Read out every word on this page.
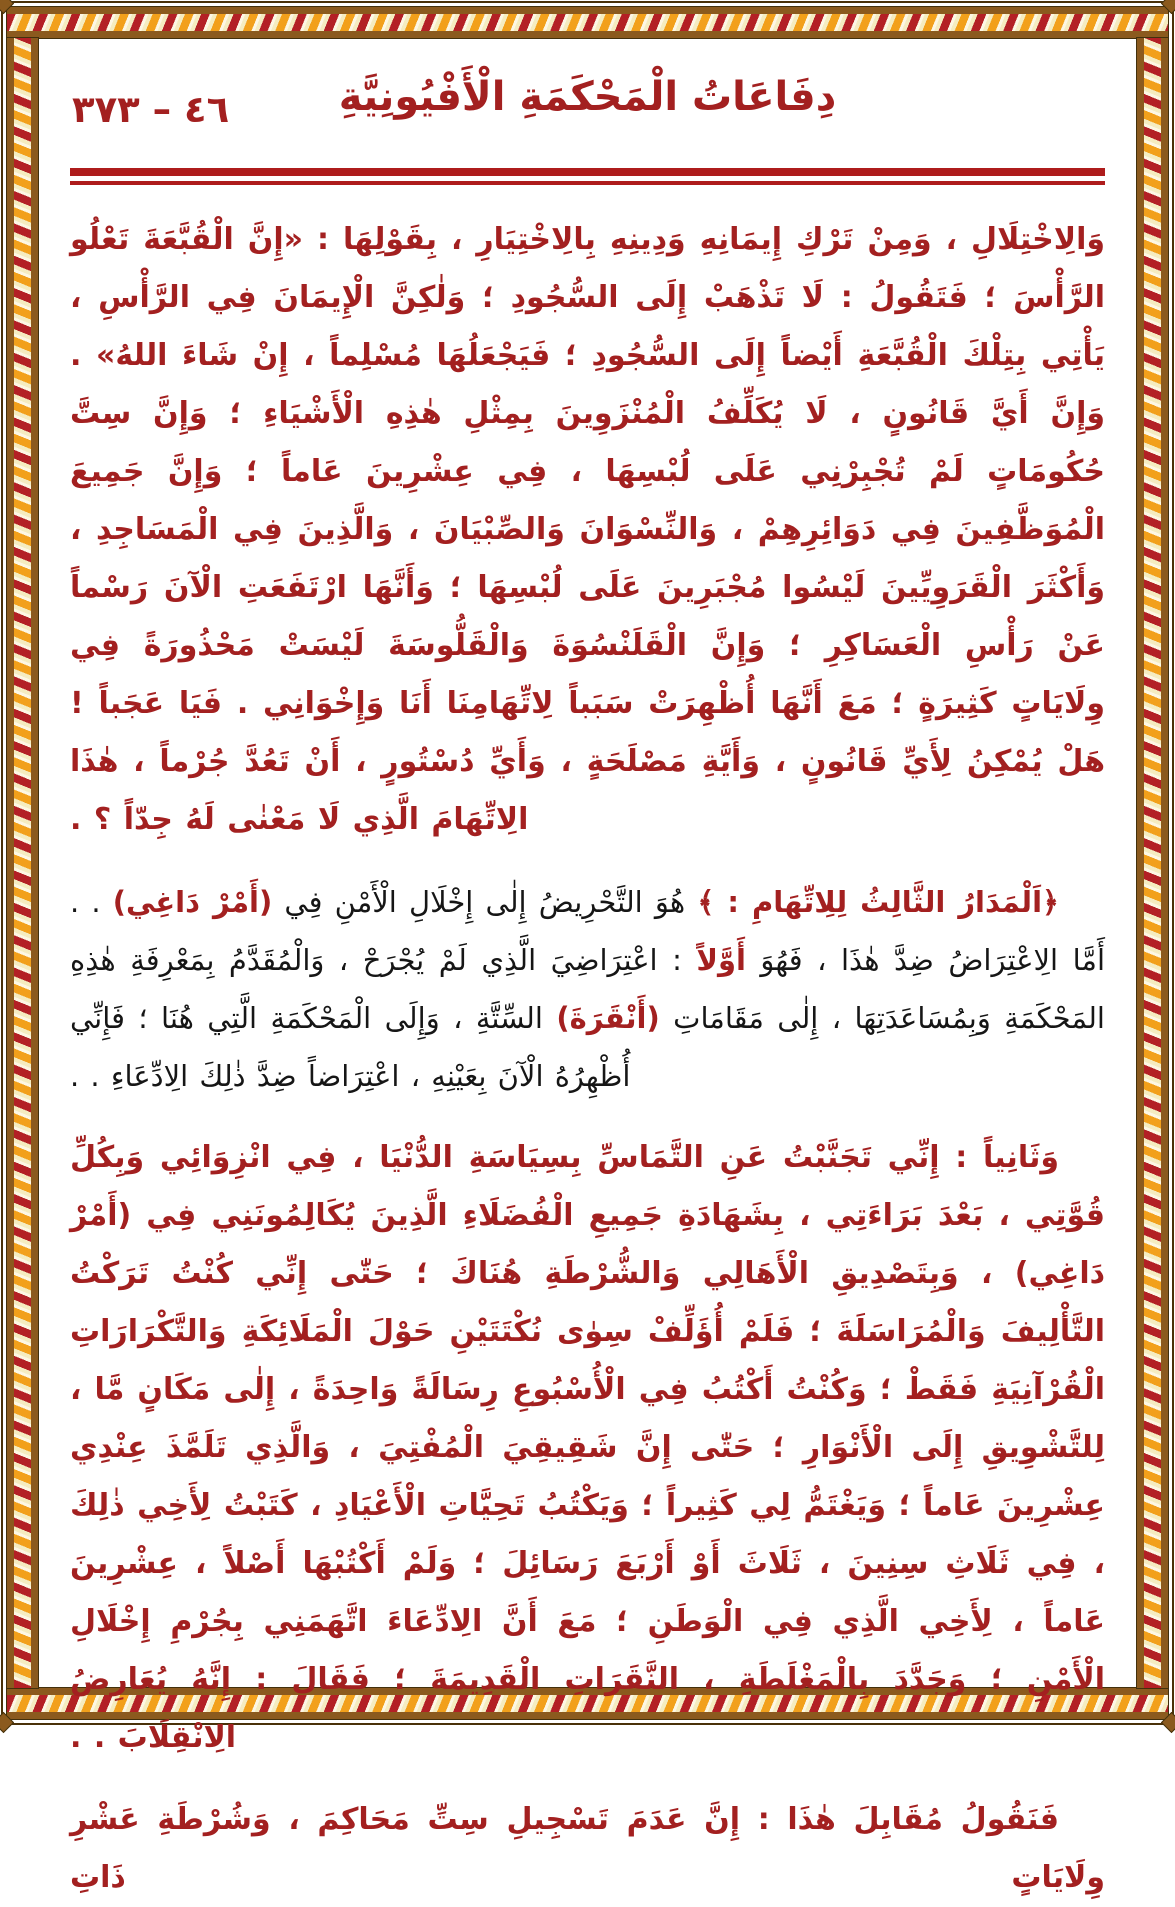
٤٦ – ٣٧٣	دِفَاعَاتُ الْمَحْكَمَةِ الْأَفْيُونِيَّةِ

وَالِاخْتِلَالِ ، وَمِنْ تَرْكِ إِيمَانِهِ وَدِينِهِ بِالِاخْتِيَارِ ، بِقَوْلِهَا : «إِنَّ الْقُبَّعَةَ تَعْلُو الرَّأْسَ ؛ فَتَقُولُ : لَا تَذْهَبْ إِلَى السُّجُودِ ؛ وَلٰكِنَّ الْإِيمَانَ فِي الرَّأْسِ ، يَأْتِي بِتِلْكَ الْقُبَّعَةِ أَيْضاً إِلَى السُّجُودِ ؛ فَيَجْعَلُهَا مُسْلِماً ، إِنْ شَاءَ اللهُ» . وَإِنَّ أَيَّ قَانُونٍ ، لَا يُكَلِّفُ الْمُنْزَوِينَ بِمِثْلِ هٰذِهِ الْأَشْيَاءِ ؛ وَإِنَّ سِتَّ حُكُومَاتٍ لَمْ تُجْبِرْنِي عَلَى لُبْسِهَا ، فِي عِشْرِينَ عَاماً ؛ وَإِنَّ جَمِيعَ الْمُوَظَّفِينَ فِي دَوَائِرِهِمْ ، وَالنِّسْوَانَ وَالصِّبْيَانَ ، وَالَّذِينَ فِي الْمَسَاجِدِ ، وَأَكْثَرَ الْقَرَوِيِّينَ لَيْسُوا مُجْبَرِينَ عَلَى لُبْسِهَا ؛ وَأَنَّهَا ارْتَفَعَتِ الْآنَ رَسْماً عَنْ رَأْسِ الْعَسَاكِرِ ؛ وَإِنَّ الْقَلَنْسُوَةَ وَالْقَلُّوسَةَ لَيْسَتْ مَحْذُورَةً فِي وِلَايَاتٍ كَثِيرَةٍ ؛ مَعَ أَنَّهَا أُظْهِرَتْ سَبَباً لِاتِّهَامِنَا أَنَا وَإِخْوَانِي . فَيَا عَجَباً ! هَلْ يُمْكِنُ لِأَيِّ قَانُونٍ ، وَأَيَّةِ مَصْلَحَةٍ ، وَأَيِّ دُسْتُورٍ ، أَنْ تَعُدَّ جُرْماً ، هٰذَا الِاتِّهَامَ الَّذِي لَا مَعْنٰى لَهُ جِدّاً ؟ .

﴿اَلْمَدَارُ الثَّالِثُ لِلِاتِّهَامِ : ﴾ هُوَ التَّحْرِيضُ إِلٰى إِخْلَالِ الْأَمْنِ فِي (أَمْرْ دَاغِي) . . أَمَّا الِاعْتِرَاضُ ضِدَّ هٰذَا ، فَهُوَ أَوَّلاً : اعْتِرَاضِيَ الَّذِي لَمْ يُجْرَحْ ، وَالْمُقَدَّمُ بِمَعْرِفَةِ هٰذِهِ المَحْكَمَةِ وَبِمُسَاعَدَتِهَا ، إِلٰى مَقَامَاتِ (أَنْقَرَةَ) السِّتَّةِ ، وَإِلَى الْمَحْكَمَةِ الَّتِي هُنَا ؛ فَإِنِّي أُظْهِرُهُ الْآنَ بِعَيْنِهِ ، اعْتِرَاضاً ضِدَّ ذٰلِكَ الِادِّعَاءِ . .

وَثَانِياً : إِنِّي تَجَنَّبْتُ عَنِ التَّمَاسِّ بِسِيَاسَةِ الدُّنْيَا ، فِي انْزِوَائِي وَبِكُلِّ قُوَّتِي ، بَعْدَ بَرَاءَتِي ، بِشَهَادَةِ جَمِيعِ الْفُضَلَاءِ الَّذِينَ يُكَالِمُونَنِي فِي (أَمْرْ دَاغِي) ، وَبِتَصْدِيقِ الْأَهَالِي وَالشُّرْطَةِ هُنَاكَ ؛ حَتّٰى إِنِّي كُنْتُ تَرَكْتُ التَّأْلِيفَ وَالْمُرَاسَلَةَ ؛ فَلَمْ أُؤَلِّفْ سِوٰى نُكْتَتَيْنِ حَوْلَ الْمَلَائِكَةِ وَالتَّكْرَارَاتِ الْقُرْآنِيَةِ فَقَطْ ؛ وَكُنْتُ أَكْتُبُ فِي الْأُسْبُوعِ رِسَالَةً وَاحِدَةً ، إِلٰى مَكَانٍ مَّا ، لِلتَّشْوِيقِ إِلَى الْأَنْوَارِ ؛ حَتّٰى إِنَّ شَقِيقِيَ الْمُفْتِيَ ، وَالَّذِي تَلَمَّذَ عِنْدِي عِشْرِينَ عَاماً ؛ وَيَغْتَمُّ لِي كَثِيراً ؛ وَيَكْتُبُ تَحِيَّاتِ الْأَعْيَادِ ، كَتَبْتُ لِأَخِي ذٰلِكَ ، فِي ثَلَاثِ سِنِينَ ، ثَلَاثَ أَوْ أَرْبَعَ رَسَائِلَ ؛ وَلَمْ أَكْتُبْهَا أَصْلاً ، عِشْرِينَ عَاماً ، لِأَخِي الَّذِي فِي الْوَطَنِ ؛ مَعَ أَنَّ الِادِّعَاءَ اتَّهَمَنِي بِجُرْمِ إِخْلَالِ الْأَمْنِ ؛ وَجَدَّدَ بِالْمَغْلَطَةِ ، النَّقَرَاتِ الْقَدِيمَةَ ؛ فَقَالَ : إِنَّهُ يُعَارِضُ الِانْقِلَابَ . .

فَنَقُولُ مُقَابِلَ هٰذَا : إِنَّ عَدَمَ تَسْجِيلِ سِتِّ مَحَاكِمَ ، وَشُرْطَةِ عَشْرِ وِلَايَاتٍ ذَاتِ
